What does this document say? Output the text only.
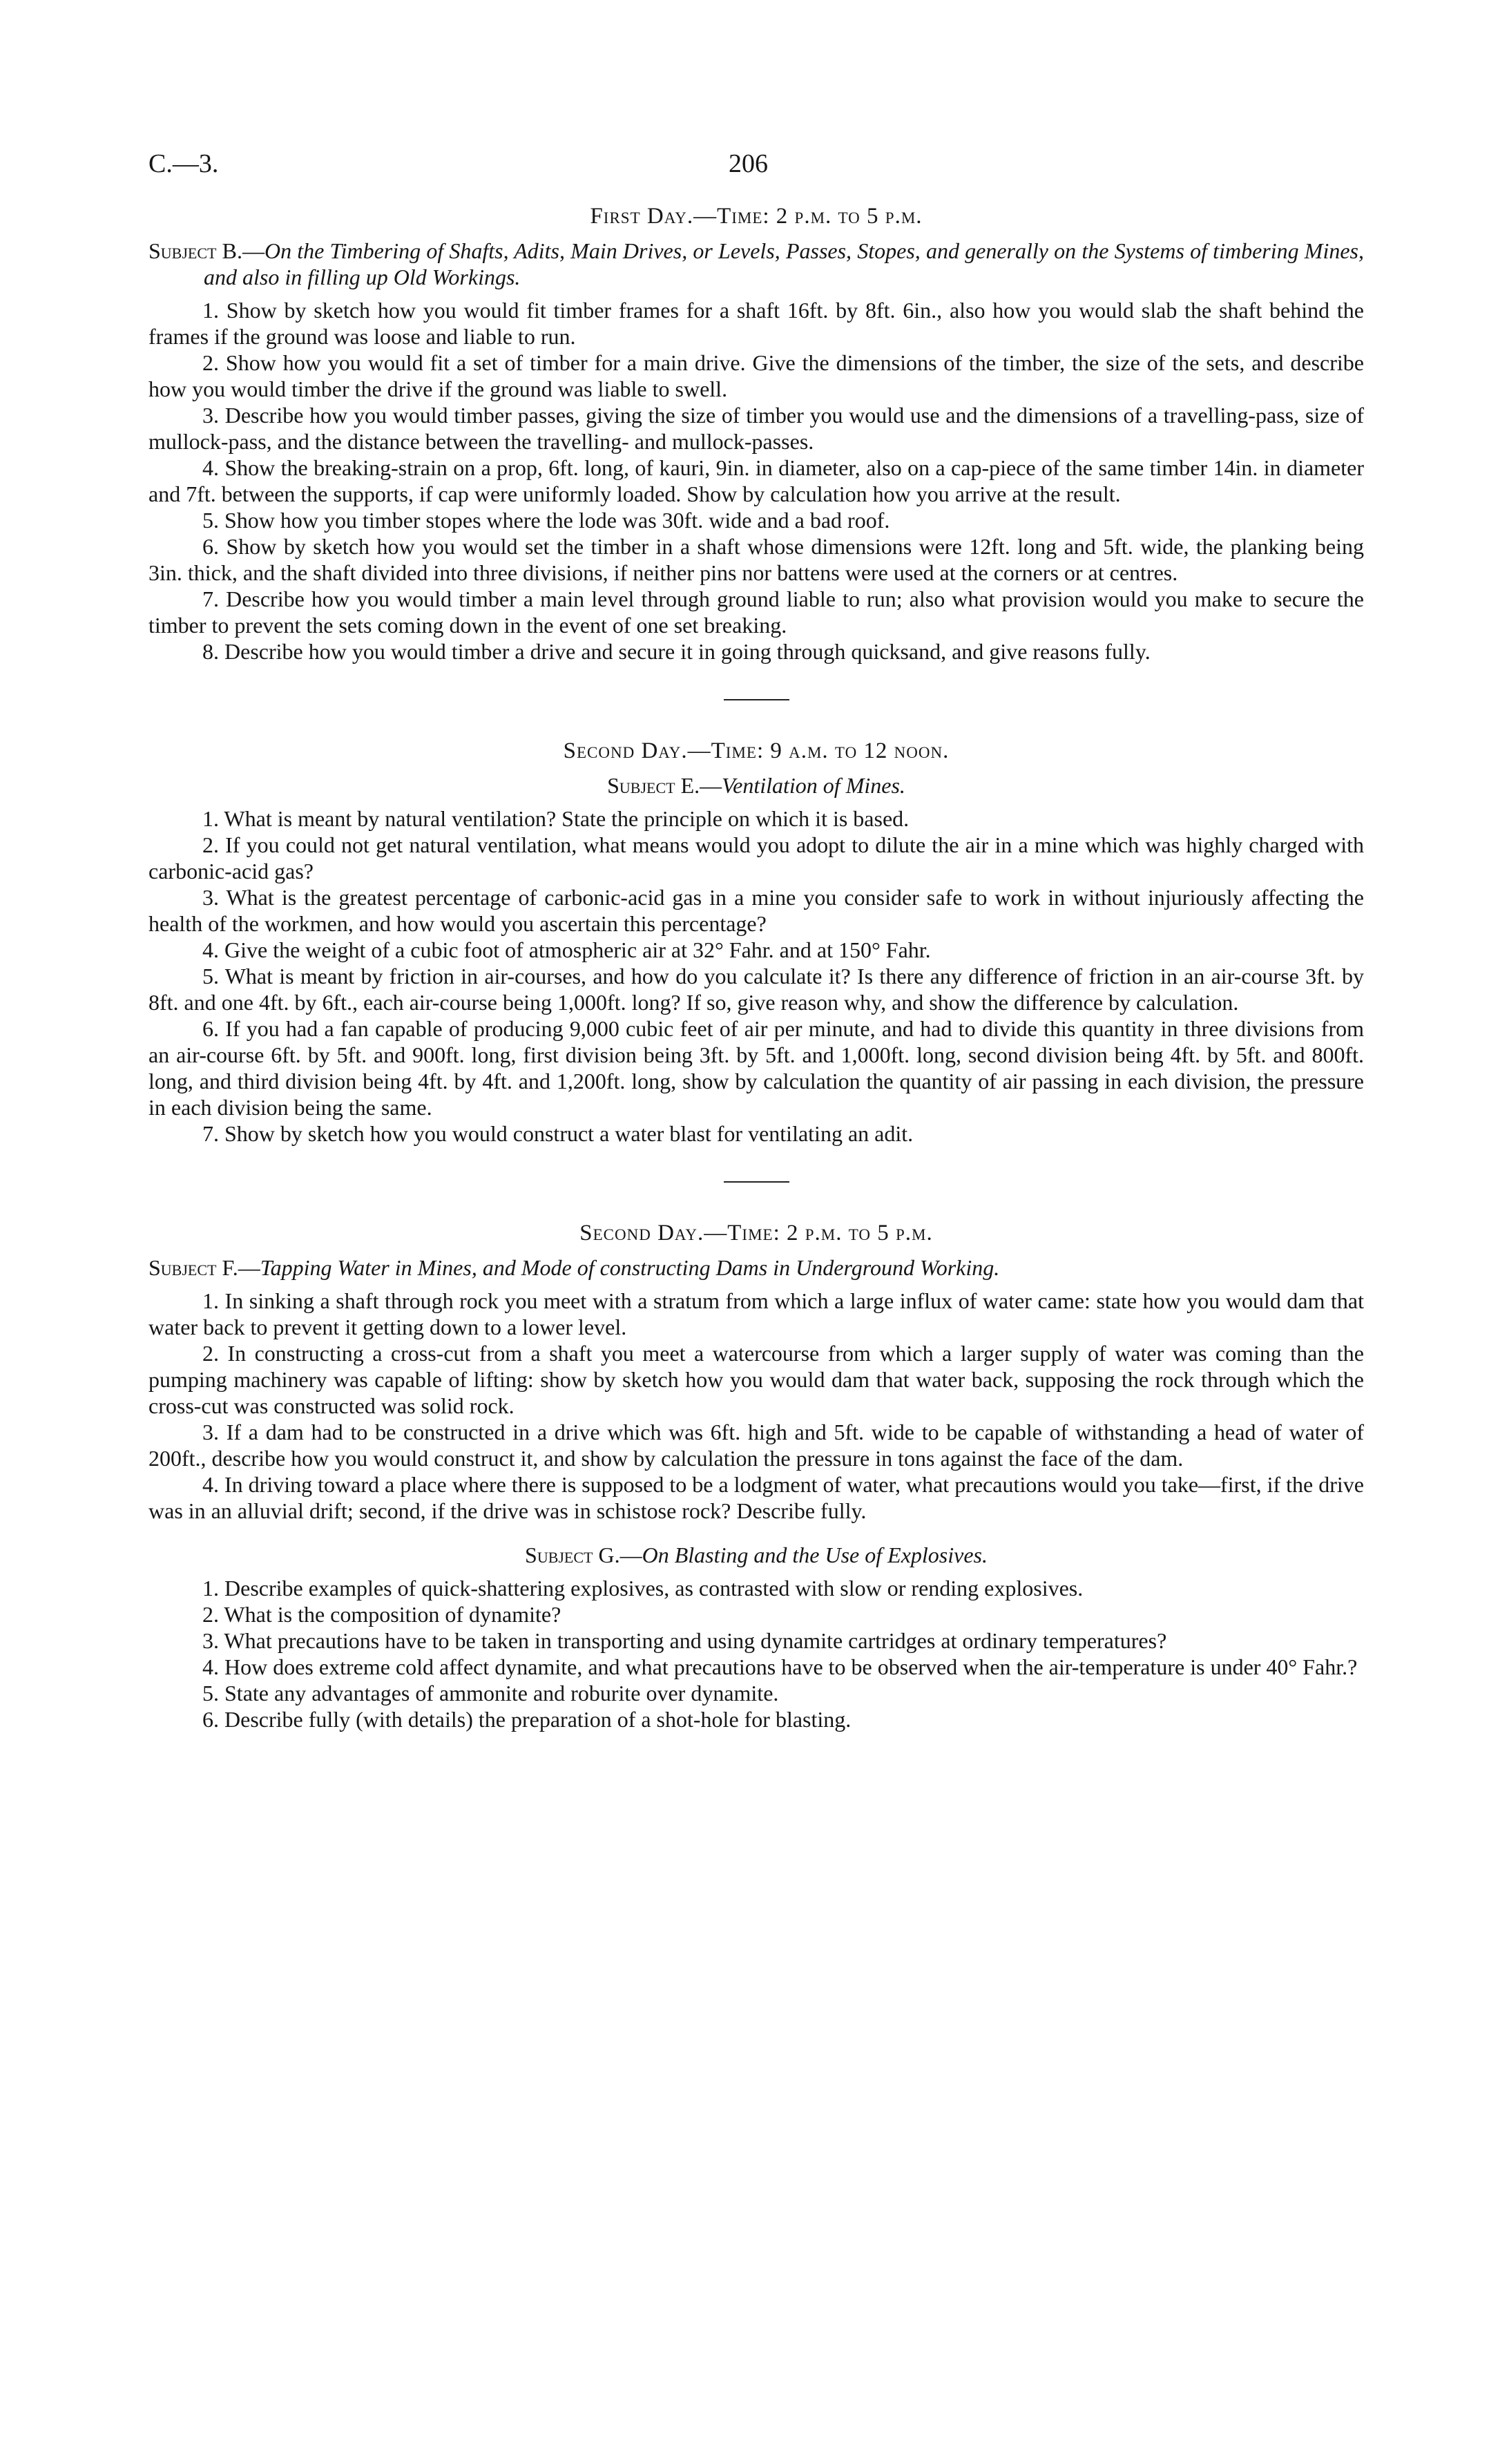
C.—3.	206

First Day.—Time: 2 p.m. to 5 p.m.

Subject B.—On the Timbering of Shafts, Adits, Main Drives, or Levels, Passes, Stopes, and generally on the Systems of timbering Mines, and also in filling up Old Workings.

1. Show by sketch how you would fit timber frames for a shaft 16ft. by 8ft. 6in., also how you would slab the shaft behind the frames if the ground was loose and liable to run.

2. Show how you would fit a set of timber for a main drive. Give the dimensions of the timber, the size of the sets, and describe how you would timber the drive if the ground was liable to swell.

3. Describe how you would timber passes, giving the size of timber you would use and the dimensions of a travelling-pass, size of mullock-pass, and the distance between the travelling- and mullock-passes.

4. Show the breaking-strain on a prop, 6ft. long, of kauri, 9in. in diameter, also on a cap-piece of the same timber 14in. in diameter and 7ft. between the supports, if cap were uniformly loaded. Show by calculation how you arrive at the result.

5. Show how you timber stopes where the lode was 30ft. wide and a bad roof.

6. Show by sketch how you would set the timber in a shaft whose dimensions were 12ft. long and 5ft. wide, the planking being 3in. thick, and the shaft divided into three divisions, if neither pins nor battens were used at the corners or at centres.

7. Describe how you would timber a main level through ground liable to run; also what provision would you make to secure the timber to prevent the sets coming down in the event of one set breaking.

8. Describe how you would timber a drive and secure it in going through quicksand, and give reasons fully.

Second Day.—Time: 9 a.m. to 12 noon.

Subject E.—Ventilation of Mines.

1. What is meant by natural ventilation? State the principle on which it is based.

2. If you could not get natural ventilation, what means would you adopt to dilute the air in a mine which was highly charged with carbonic-acid gas?

3. What is the greatest percentage of carbonic-acid gas in a mine you consider safe to work in without injuriously affecting the health of the workmen, and how would you ascertain this percentage?

4. Give the weight of a cubic foot of atmospheric air at 32° Fahr. and at 150° Fahr.

5. What is meant by friction in air-courses, and how do you calculate it? Is there any difference of friction in an air-course 3ft. by 8ft. and one 4ft. by 6ft., each air-course being 1,000ft. long? If so, give reason why, and show the difference by calculation.

6. If you had a fan capable of producing 9,000 cubic feet of air per minute, and had to divide this quantity in three divisions from an air-course 6ft. by 5ft. and 900ft. long, first division being 3ft. by 5ft. and 1,000ft. long, second division being 4ft. by 5ft. and 800ft. long, and third division being 4ft. by 4ft. and 1,200ft. long, show by calculation the quantity of air passing in each division, the pressure in each division being the same.

7. Show by sketch how you would construct a water blast for ventilating an adit.

Second Day.—Time: 2 p.m. to 5 p.m.

Subject F.—Tapping Water in Mines, and Mode of constructing Dams in Underground Working.

1. In sinking a shaft through rock you meet with a stratum from which a large influx of water came: state how you would dam that water back to prevent it getting down to a lower level.

2. In constructing a cross-cut from a shaft you meet a watercourse from which a larger supply of water was coming than the pumping machinery was capable of lifting: show by sketch how you would dam that water back, supposing the rock through which the cross-cut was constructed was solid rock.

3. If a dam had to be constructed in a drive which was 6ft. high and 5ft. wide to be capable of withstanding a head of water of 200ft., describe how you would construct it, and show by calculation the pressure in tons against the face of the dam.

4. In driving toward a place where there is supposed to be a lodgment of water, what precautions would you take—first, if the drive was in an alluvial drift; second, if the drive was in schistose rock? Describe fully.

Subject G.—On Blasting and the Use of Explosives.

1. Describe examples of quick-shattering explosives, as contrasted with slow or rending explosives.

2. What is the composition of dynamite?

3. What precautions have to be taken in transporting and using dynamite cartridges at ordinary temperatures?

4. How does extreme cold affect dynamite, and what precautions have to be observed when the air-temperature is under 40° Fahr.?

5. State any advantages of ammonite and roburite over dynamite.

6. Describe fully (with details) the preparation of a shot-hole for blasting.
